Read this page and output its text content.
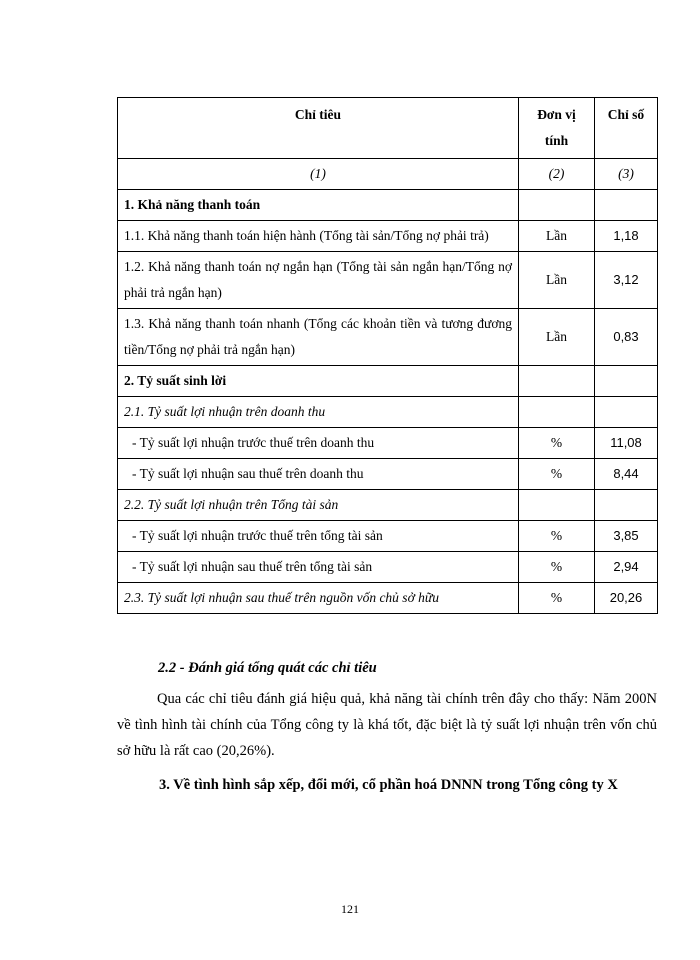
Chỉ tiêu	Đơn vị tính	Chỉ số
(1)	(2)	(3)
1. Khả năng thanh toán		
1.1. Khả năng thanh toán hiện hành (Tổng tài sản/Tổng nợ phải trả)	Lần	1,18
1.2. Khả năng thanh toán nợ ngắn hạn (Tổng tài sản ngắn hạn/Tổng nợ phải trả ngắn hạn)	Lần	3,12
1.3. Khả năng thanh toán nhanh (Tổng các khoản tiền và tương đương tiền/Tổng nợ phải trả ngắn hạn)	Lần	0,83
2. Tỷ suất sinh lời		
2.1. Tỷ suất lợi nhuận trên doanh thu		
- Tỷ suất lợi nhuận trước thuế trên doanh thu	%	11,08
- Tỷ suất lợi nhuận sau thuế trên doanh thu	%	8,44
2.2. Tỷ suất lợi nhuận trên Tổng tài sản		
- Tỷ suất lợi nhuận trước thuế trên tổng tài sản	%	3,85
- Tỷ suất lợi nhuận sau thuế trên tổng tài sản	%	2,94
2.3. Tỷ suất lợi nhuận sau thuế trên nguồn vốn chủ sở hữu	%	20,26
2.2 - Đánh giá tổng quát các chỉ tiêu

Qua các chỉ tiêu đánh giá hiệu quả, khả năng tài chính trên đây cho thấy: Năm 200N về tình hình tài chính của Tổng công ty là khá tốt, đặc biệt là tỷ suất lợi nhuận trên vốn chủ sở hữu là rất cao (20,26%).

3. Về tình hình sắp xếp, đổi mới, cổ phần hoá DNNN trong Tổng công ty X

121
